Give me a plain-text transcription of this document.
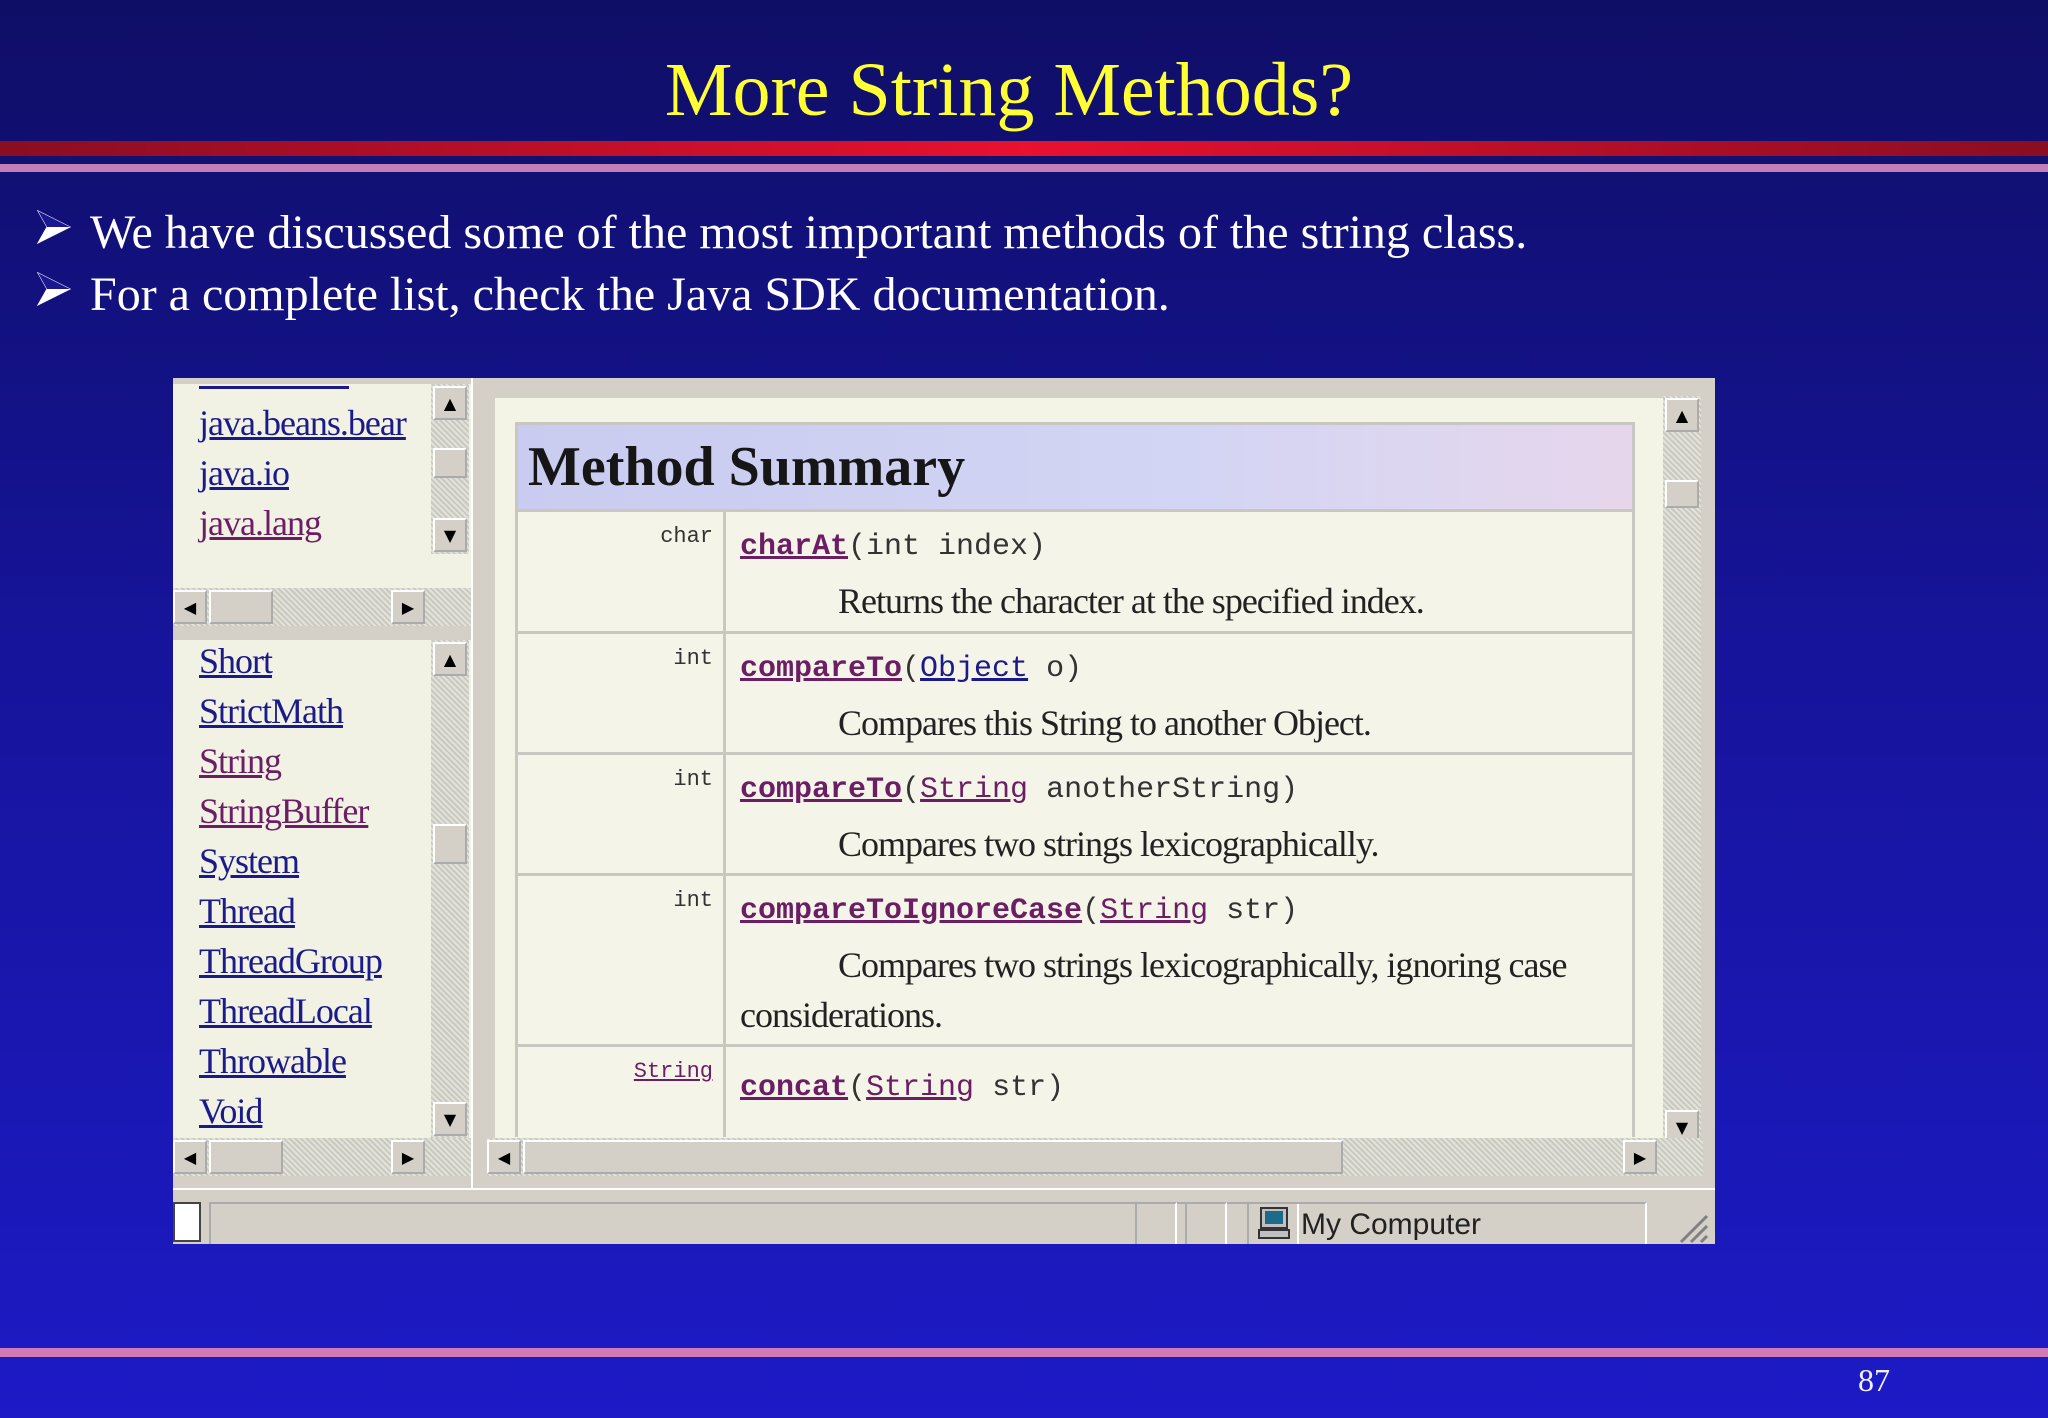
More String Methods?
We have discussed some of the most important methods of the string class.
For a complete list, check the Java SDK documentation.
java.beans.bear
java.io
java.lang
▲
▼
◀	▶
Short
StrictMath
String
StringBuffer
System
Thread
ThreadGroup
ThreadLocal
Throwable
Void
▲
▼
◀	▶
Method Summary
char charAt(int index)
Returns the character at the specified index.
int compareTo(Object o)
Compares this String to another Object.
int compareTo(String anotherString)
Compares two strings lexicographically.
int compareToIgnoreCase(String str)
Compares two strings lexicographically, ignoring case considerations.
String concat(String str)
▲
▼
◀	▶
My Computer
87
